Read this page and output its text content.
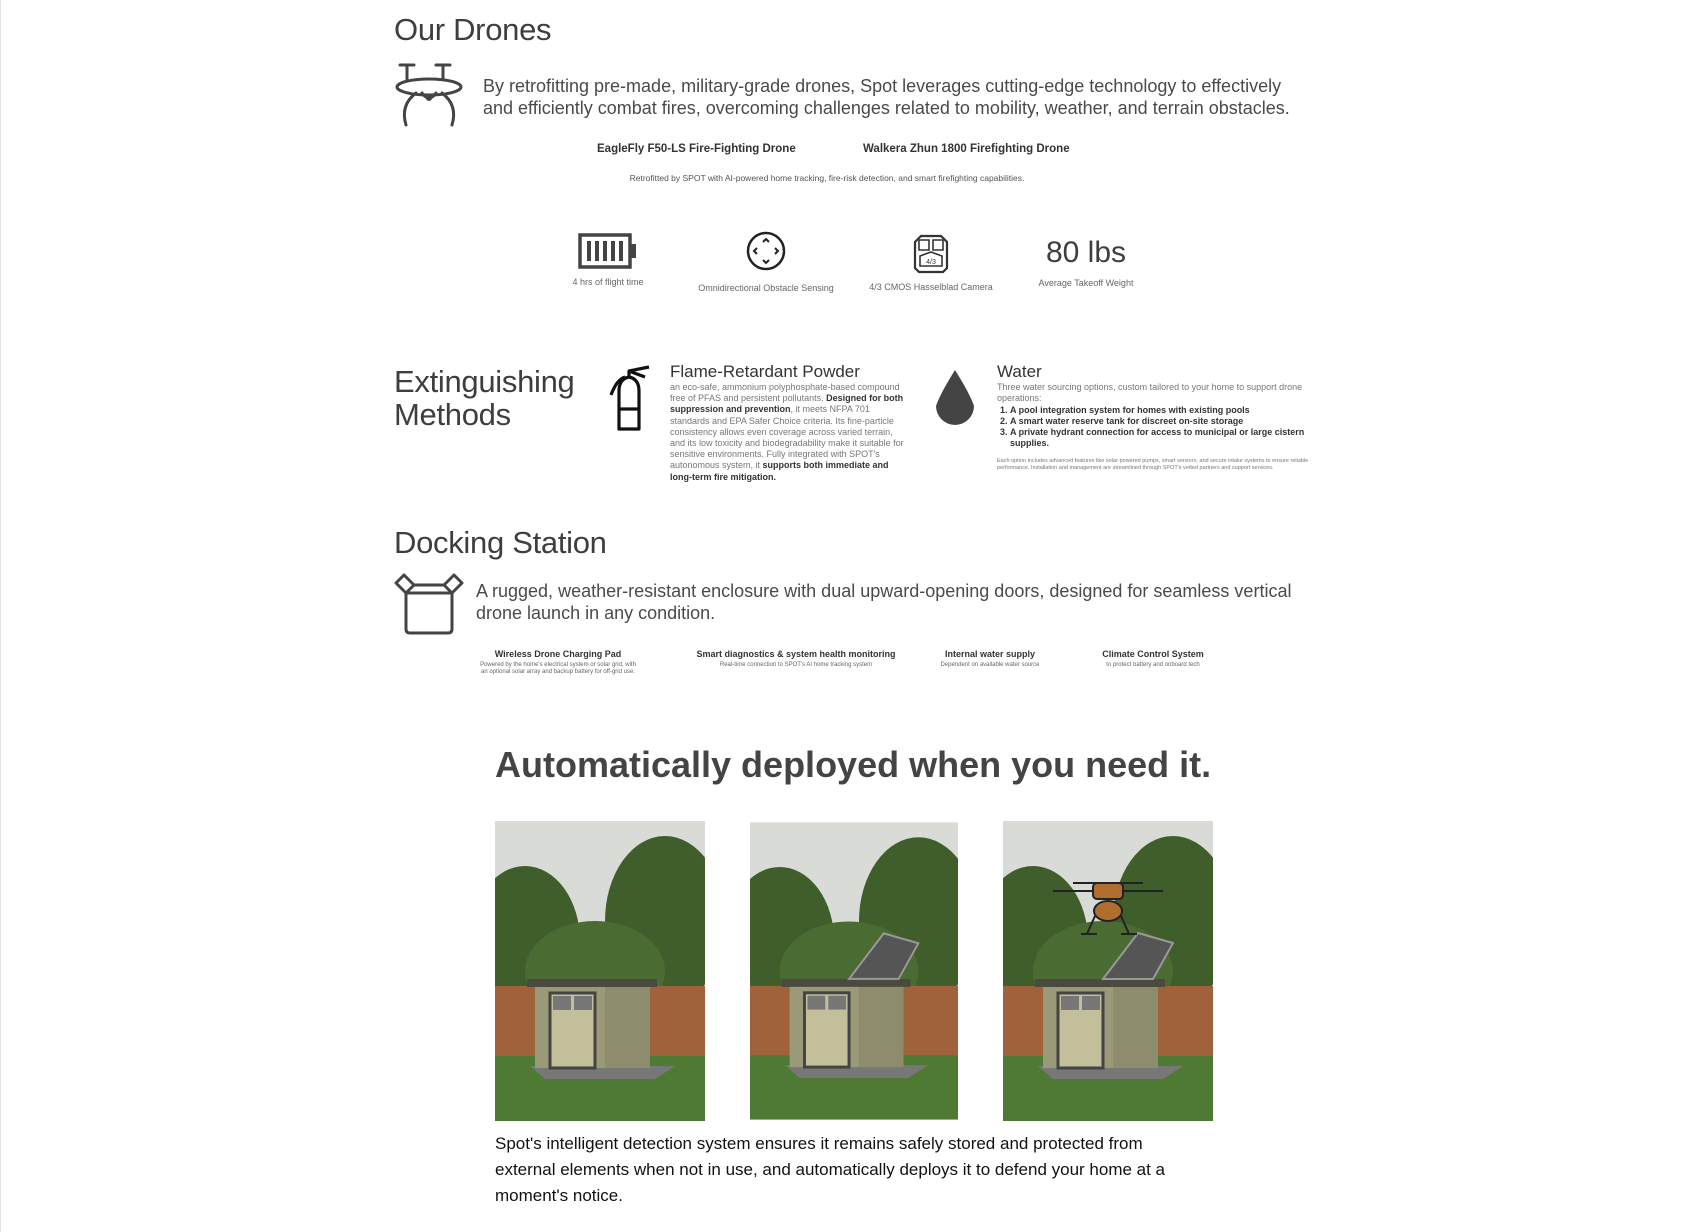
Our Drones
By retrofitting pre-made, military-grade drones, Spot leverages cutting-edge technology to effectively and efficiently combat fires, overcoming challenges related to mobility, weather, and terrain obstacles.
EagleFly F50-LS Fire-Fighting Drone	Walkera Zhun 1800 Firefighting Drone
Retrofitted by SPOT with AI-powered home tracking, fire-risk detection, and smart firefighting capabilities.
4 hrs of flight time
Omnidirectional Obstacle Sensing
4/3
4/3 CMOS Hasselblad Camera
80 lbs
Average Takeoff Weight
Extinguishing Methods
Flame-Retardant Powder
an eco-safe, ammonium polyphosphate-based compound free of PFAS and persistent pollutants. Designed for both suppression and prevention, it meets NFPA 701 standards and EPA Safer Choice criteria. Its fine-particle consistency allows even coverage across varied terrain, and its low toxicity and biodegradability make it suitable for sensitive environments. Fully integrated with SPOT's autonomous system, it supports both immediate and long-term fire mitigation.
Water
Three water sourcing options, custom tailored to your home to support drone operations:
1. A pool integration system for homes with existing pools
2. A smart water reserve tank for discreet on-site storage
3. A private hydrant connection for access to municipal or large cistern supplies.
Each option includes advanced features like solar-powered pumps, smart sensors, and secure intake systems to ensure reliable performance. Installation and management are streamlined through SPOT's vetted partners and support services.
Docking Station
A rugged, weather-resistant enclosure with dual upward-opening doors, designed for seamless vertical drone launch in any condition.
Wireless Drone Charging Pad
Powered by the home's electrical system or solar grid, with an optional solar array and backup battery for off-grid use.
Smart diagnostics & system health monitoring
Real-time connection to SPOT's AI home tracking system
Internal water supply
Dependent on available water source
Climate Control System
to protect battery and onboard tech
Automatically deployed when you need it.
Spot's intelligent detection system ensures it remains safely stored and protected from external elements when not in use, and automatically deploys it to defend your home at a moment's notice.
